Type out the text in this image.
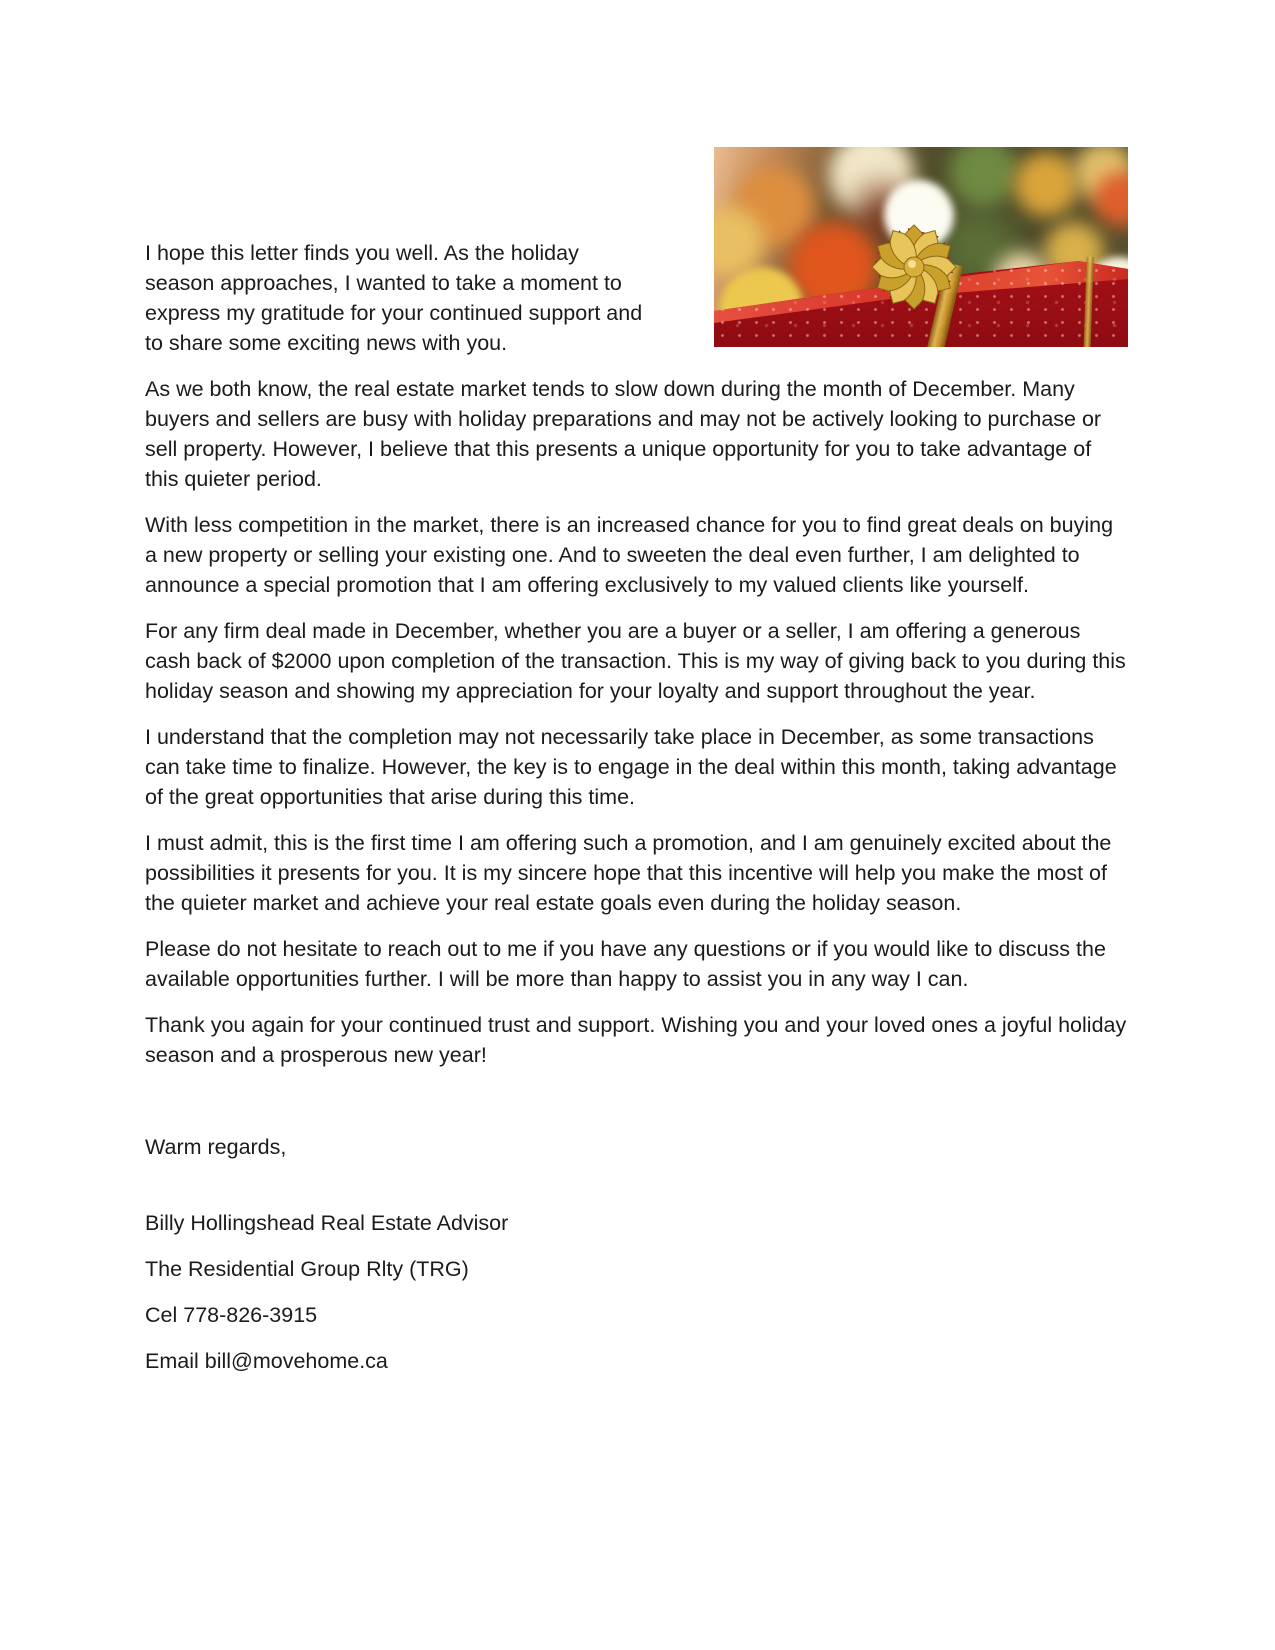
I hope this letter finds you well. As the holiday season approaches, I wanted to take a moment to express my gratitude for your continued support and to share some exciting news with you.

As we both know, the real estate market tends to slow down during the month of December. Many buyers and sellers are busy with holiday preparations and may not be actively looking to purchase or sell property. However, I believe that this presents a unique opportunity for you to take advantage of this quieter period.

With less competition in the market, there is an increased chance for you to find great deals on buying a new property or selling your existing one. And to sweeten the deal even further, I am delighted to announce a special promotion that I am offering exclusively to my valued clients like yourself.

For any firm deal made in December, whether you are a buyer or a seller, I am offering a generous cash back of $2000 upon completion of the transaction. This is my way of giving back to you during this holiday season and showing my appreciation for your loyalty and support throughout the year.

I understand that the completion may not necessarily take place in December, as some transactions can take time to finalize. However, the key is to engage in the deal within this month, taking advantage of the great opportunities that arise during this time.

I must admit, this is the first time I am offering such a promotion, and I am genuinely excited about the possibilities it presents for you. It is my sincere hope that this incentive will help you make the most of the quieter market and achieve your real estate goals even during the holiday season.

Please do not hesitate to reach out to me if you have any questions or if you would like to discuss the available opportunities further. I will be more than happy to assist you in any way I can.

Thank you again for your continued trust and support. Wishing you and your loved ones a joyful holiday season and a prosperous new year!

Warm regards,

Billy Hollingshead Real Estate Advisor

The Residential Group Rlty (TRG)

Cel 778-826-3915

Email bill@movehome.ca
